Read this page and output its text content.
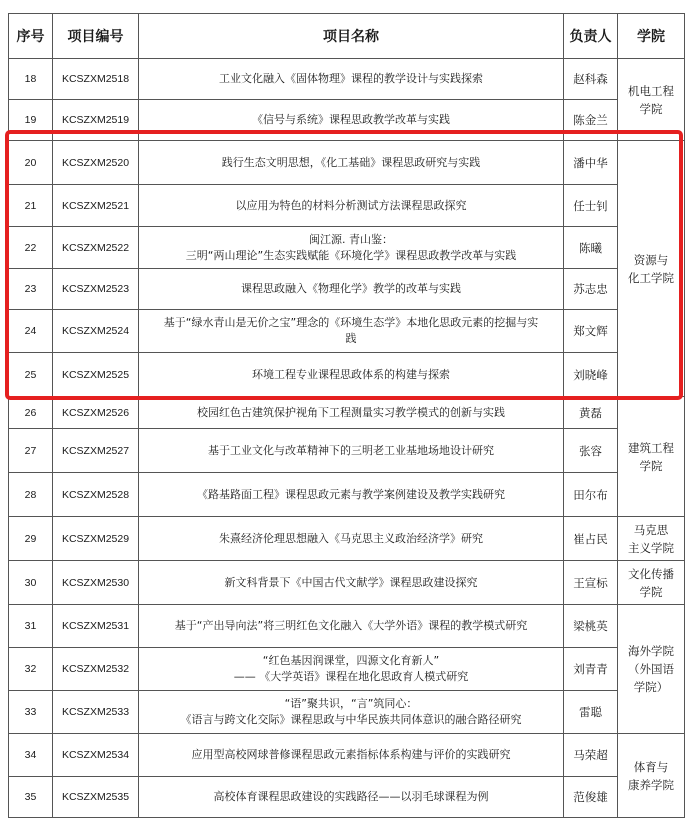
序号	项目编号	项目名称	负责人	学院
18	KCSZXM2518	工业文化融入《固体物理》课程的教学设计与实践探索	赵科森	机电工程
学院

19	KCSZXM2519	《信号与系统》课程思政教学改革与实践	陈金兰	
20	KCSZXM2520	践行生态文明思想，《化工基础》课程思政研究与实践	潘中华	资源与
化工学院

21	KCSZXM2521	以应用为特色的材料分析测试方法课程思政探究	任士钊	
22	KCSZXM2522	闽江源. 青山鉴：
三明“两山理论”生态实践赋能《环境化学》课程思政教学改革与实践	陈曦	
23	KCSZXM2523	课程思政融入《物理化学》教学的改革与实践	苏志忠	
24	KCSZXM2524	基于“绿水青山是无价之宝”理念的《环境生态学》本地化思政元素的挖掘与实
践	郑文辉	
25	KCSZXM2525	环境工程专业课程思政体系的构建与探索	刘晓峰	
26	KCSZXM2526	校园红色古建筑保护视角下工程测量实习教学模式的创新与实践	黄磊	建筑工程
学院

27	KCSZXM2527	基于工业文化与改革精神下的三明老工业基地场地设计研究	张容	
28	KCSZXM2528	《路基路面工程》课程思政元素与教学案例建设及教学实践研究	田尔布	
29	KCSZXM2529	朱熹经济伦理思想融入《马克思主义政治经济学》研究	崔占民	马克思
主义学院

30	KCSZXM2530	新文科背景下《中国古代文献学》课程思政建设探究	王宣标	文化传播
学院

31	KCSZXM2531	基于“产出导向法”将三明红色文化融入《大学外语》课程的教学模式研究	梁桃英	海外学院
（外国语
学院）

32	KCSZXM2532	“红色基因润课堂，四源文化育新人”
—— 《大学英语》课程在地化思政育人模式研究	刘青青	
33	KCSZXM2533	“语”聚共识，“言”筑同心：
《语言与跨文化交际》课程思政与中华民族共同体意识的融合路径研究	雷聪	
34	KCSZXM2534	应用型高校网球普修课程思政元素指标体系构建与评价的实践研究	马荣超	体育与
康养学院

35	KCSZXM2535	高校体育课程思政建设的实践路径——以羽毛球课程为例	范俊雄	
